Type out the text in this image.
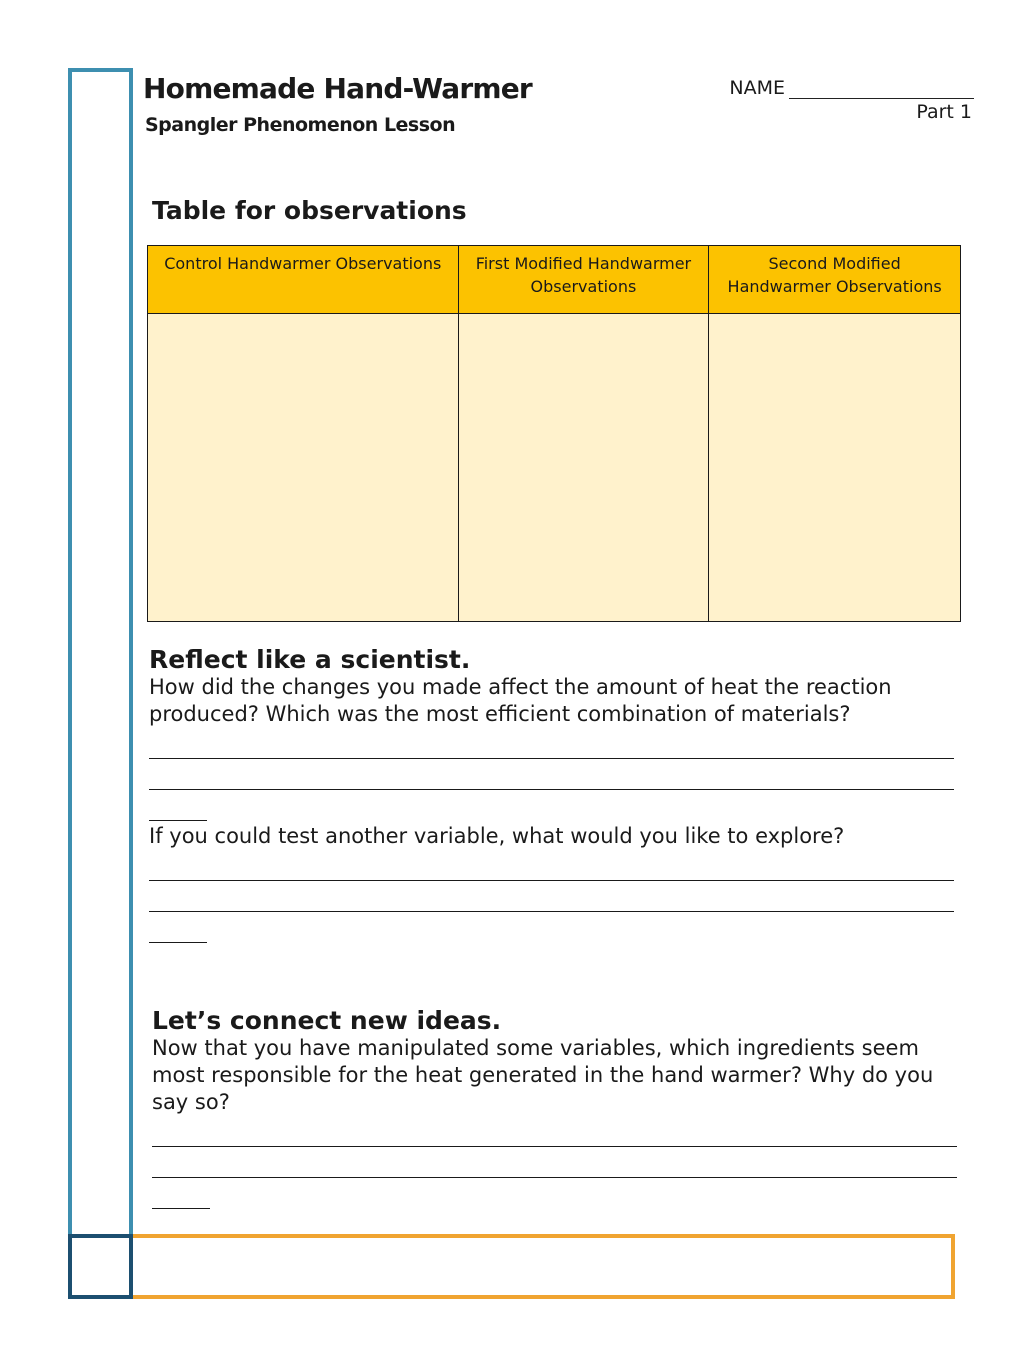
Homemade Hand-Warmer
Spangler Phenomenon Lesson
NAME
Part 1
Table for observations
Control Handwarmer Observations	First Modified Handwarmer Observations	Second Modified Handwarmer Observations

Reflect like a scientist.
How did the changes you made affect the amount of heat the reaction produced? Which was the most efficient combination of materials?
If you could test another variable, what would you like to explore?
Let’s connect new ideas.
Now that you have manipulated some variables, which ingredients seem most responsible for the heat generated in the hand warmer? Why do you say so?
